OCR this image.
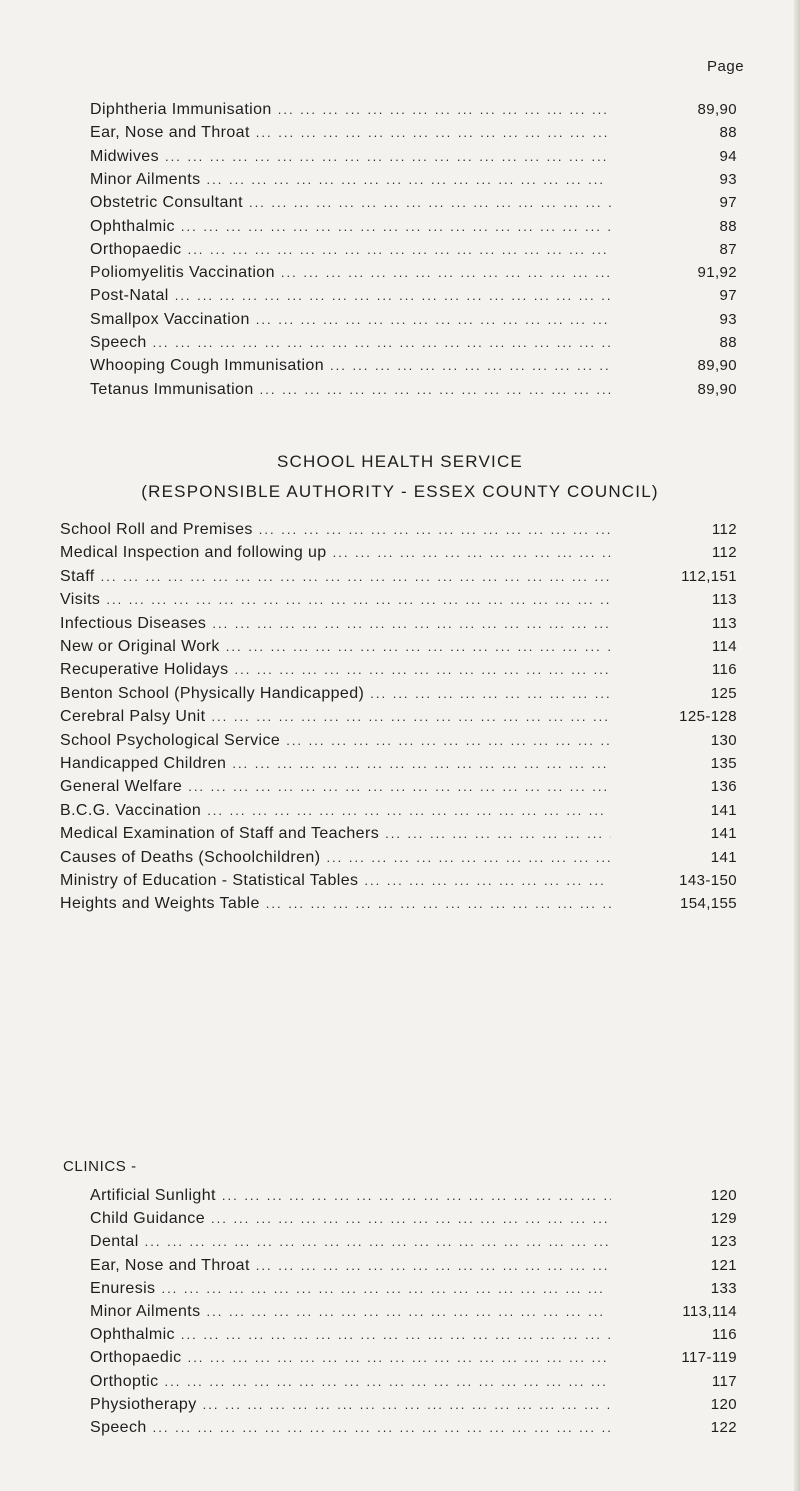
Page
Diphtheria Immunisation ... .	89,90
Ear, Nose and Throat ... .	88
Midwives ... .	94
Minor Ailments ... .	93
Obstetric Consultant ... .	97
Ophthalmic ... .	88
Orthopaedic ... .	87
Poliomyelitis Vaccination ... .	91,92
Post-Natal ... .	97
Smallpox Vaccination ... .	93
Speech ... .	88
Whooping Cough Immunisation ... .	89,90
Tetanus Immunisation ... .	89,90
SCHOOL HEALTH SERVICE
(RESPONSIBLE AUTHORITY - ESSEX COUNTY COUNCIL)
School Roll and Premises ... .	112
Medical Inspection and following up ... .	112
Staff ... .	112,151
Visits ... .	113
Infectious Diseases ... .	113
New or Original Work ... .	114
Recuperative Holidays ... .	116
Benton School (Physically Handicapped) ... .	125
Cerebral Palsy Unit ... .	125-128
School Psychological Service ... .	130
Handicapped Children ... .	135
General Welfare ... .	136
B.C.G. Vaccination ... .	141
Medical Examination of Staff and Teachers ... .	141
Causes of Deaths (Schoolchildren) ... .	141
Ministry of Education - Statistical Tables ... .	143-150
Heights and Weights Table ... .	154,155
CLINICS -
Artificial Sunlight ... .	120
Child Guidance ... .	129
Dental ... .	123
Ear, Nose and Throat ... .	121
Enuresis ... .	133
Minor Ailments ... .	113,114
Ophthalmic ... .	116
Orthopaedic ... .	117-119
Orthoptic ... .	117
Physiotherapy ... .	120
Speech ... .	122
